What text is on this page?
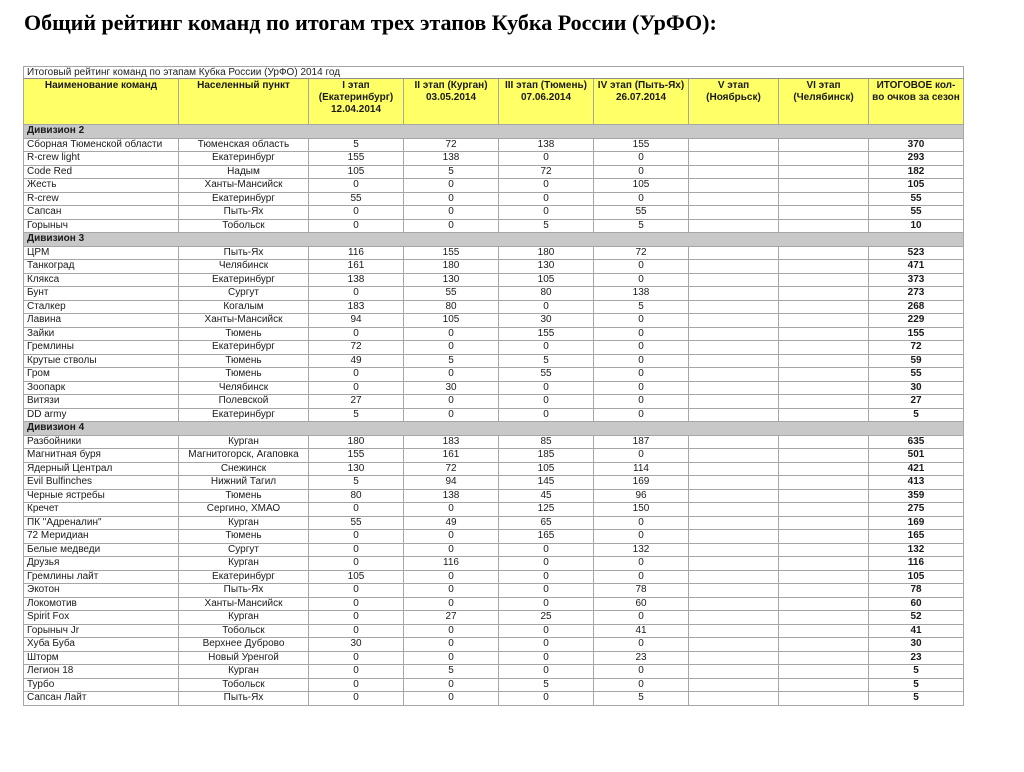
Общий рейтинг команд по итогам трех этапов Кубка России (УрФО):
Итоговый рейтинг команд по этапам Кубка России (УрФО) 2014 год								
Наименование команд	Населенный пункт	I этап (Екатеринбург) 12.04.2014	II этап (Курган) 03.05.2014	III этап (Тюмень) 07.06.2014	IV этап (Пыть-Ях) 26.07.2014	V этап (Ноябрьск)	VI этап (Челябинск)	ИТОГОВОЕ кол-во очков за сезон
Дивизион 2								
Сборная Тюменской области	Тюменская область	5	72	138	155			370
R-crew light	Екатеринбург	155	138	0	0			293
Code Red	Надым	105	5	72	0			182
Жесть	Ханты-Мансийск	0	0	0	105			105
R-crew	Екатеринбург	55	0	0	0			55
Сапсан	Пыть-Ях	0	0	0	55			55
Горыныч	Тобольск	0	0	5	5			10
Дивизион 3								
ЦРМ	Пыть-Ях	116	155	180	72			523
Танкоград	Челябинск	161	180	130	0			471
Клякса	Екатеринбург	138	130	105	0			373
Бунт	Сургут	0	55	80	138			273
Сталкер	Когалым	183	80	0	5			268
Лавина	Ханты-Мансийск	94	105	30	0			229
Зайки	Тюмень	0	0	155	0			155
Гремлины	Екатеринбург	72	0	0	0			72
Крутые стволы	Тюмень	49	5	5	0			59
Гром	Тюмень	0	0	55	0			55
Зоопарк	Челябинск	0	30	0	0			30
Витязи	Полевской	27	0	0	0			27
DD army	Екатеринбург	5	0	0	0			5
Дивизион 4								
Разбойники	Курган	180	183	85	187			635
Магнитная буря	Магнитогорск, Агаповка	155	161	185	0			501
Ядерный Централ	Снежинск	130	72	105	114			421
Evil Bulfinches	Нижний Тагил	5	94	145	169			413
Черные ястребы	Тюмень	80	138	45	96			359
Кречет	Сергино, ХМАО	0	0	125	150			275
ПК "Адреналин"	Курган	55	49	65	0			169
72 Меридиан	Тюмень	0	0	165	0			165
Белые медведи	Сургут	0	0	0	132			132
Друзья	Курган	0	116	0	0			116
Гремлины лайт	Екатеринбург	105	0	0	0			105
Экотон	Пыть-Ях	0	0	0	78			78
Локомотив	Ханты-Мансийск	0	0	0	60			60
Spirit Fox	Курган	0	27	25	0			52
Горыныч Jr	Тобольск	0	0	0	41			41
Хуба Буба	Верхнее Дуброво	30	0	0	0			30
Шторм	Новый Уренгой	0	0	0	23			23
Легион 18	Курган	0	5	0	0			5
Турбо	Тобольск	0	0	5	0			5
Сапсан Лайт	Пыть-Ях	0	0	0	5			5
